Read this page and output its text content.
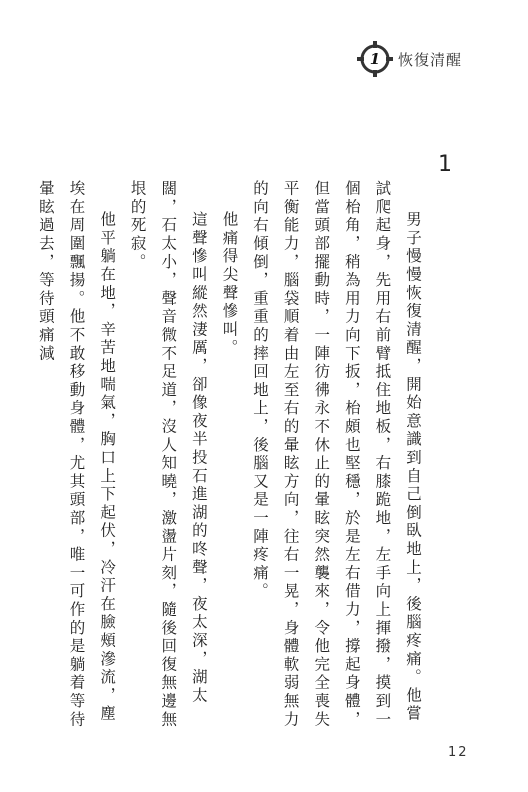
1	恢復清醒
1

男子慢慢恢復清醒，開始意識到自己倒臥地上，後腦疼痛。他嘗試爬起身，先用右前臂抵住地板，右膝跪地，左手向上揮撥，摸到一個枱角，稍為用力向下扳，枱頗也堅穩，於是左右借力，撐起身體，但當頭部擺動時，一陣彷彿永不休止的暈眩突然襲來，令他完全喪失平衡能力，腦袋順着由左至右的暈眩方向，往右一晃，身體軟弱無力的向右傾倒，重重的摔回地上，後腦又是一陣疼痛。

他痛得尖聲慘叫。

這聲慘叫縱然淒厲，卻像夜半投石進湖的咚聲，夜太深，湖太闊，石太小，聲音微不足道，沒人知曉，激盪片刻，隨後回復無邊無垠的死寂。

他平躺在地，辛苦地喘氣，胸口上下起伏，冷汗在臉頰滲流，塵埃在周圍飄揚。他不敢移動身體，尤其頭部，唯一可作的是躺着等待暈眩過去，等待頭痛減

12
